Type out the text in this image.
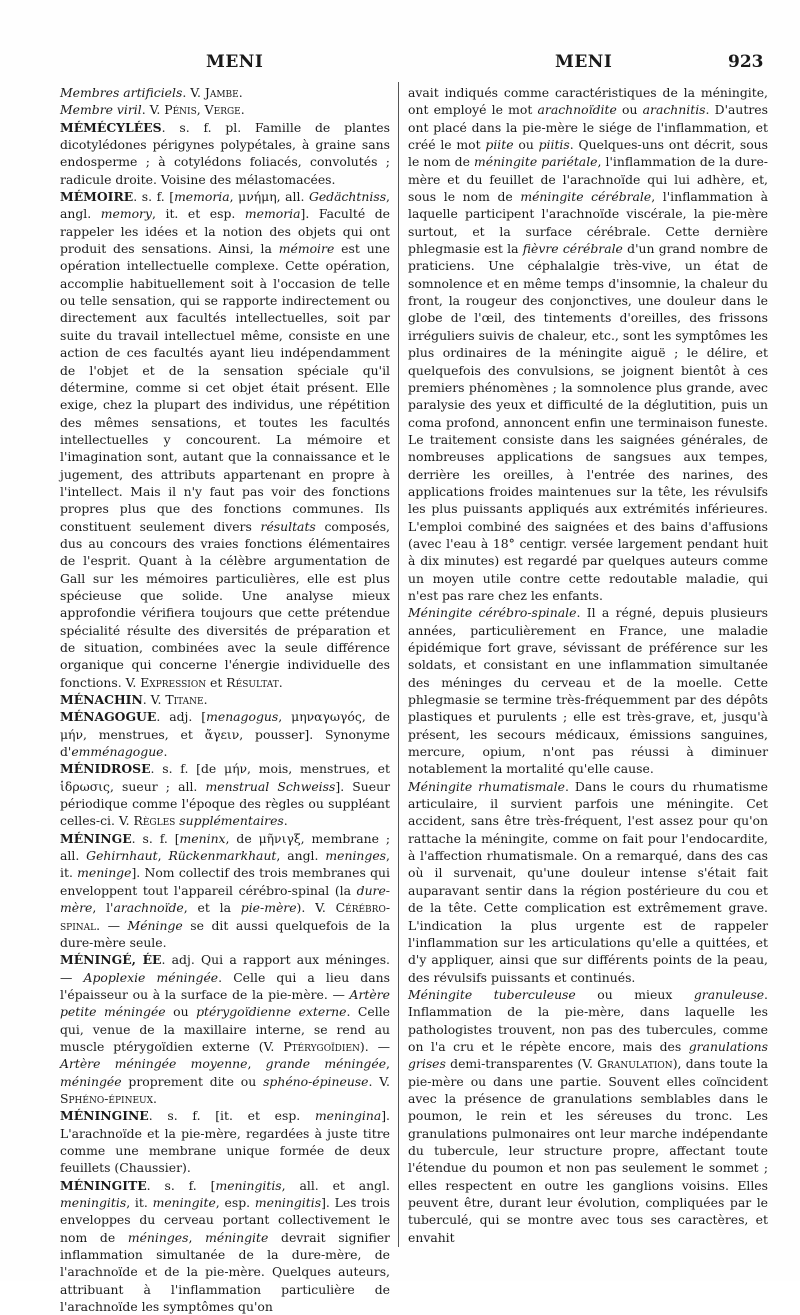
MENI	MENI	923

Membres artificiels. V. Jambe.

Membre viril. V. Pénis, Verge.

MÉMÉCYLÉES. s. f. pl. Famille de plantes dicotylédones périgynes polypétales, à graine sans endosperme ; à cotylédons foliacés, convolutés ; radicule droite. Voisine des mélastomacées.

MÉMOIRE. s. f. [memoria, μνήμη, all. Gedächtniss, angl. memory, it. et esp. memoria]. Faculté de rappeler les idées et la notion des objets qui ont produit des sensations. Ainsi, la mémoire est une opération intellectuelle complexe. Cette opération, accomplie habituellement soit à l'occasion de telle ou telle sensation, qui se rapporte indirectement ou directement aux facultés intellectuelles, soit par suite du travail intellectuel même, consiste en une action de ces facultés ayant lieu indépendamment de l'objet et de la sensation spéciale qu'il détermine, comme si cet objet était présent. Elle exige, chez la plupart des individus, une répétition des mêmes sensations, et toutes les facultés intellectuelles y concourent. La mémoire et l'imagination sont, autant que la connaissance et le jugement, des attributs appartenant en propre à l'intellect. Mais il n'y faut pas voir des fonctions propres plus que des fonctions communes. Ils constituent seulement divers résultats composés, dus au concours des vraies fonctions élémentaires de l'esprit. Quant à la célèbre argumentation de Gall sur les mémoires particulières, elle est plus spécieuse que solide. Une analyse mieux approfondie vérifiera toujours que cette prétendue spécialité résulte des diversités de préparation et de situation, combinées avec la seule différence organique qui concerne l'énergie individuelle des fonctions. V. Expression et Résultat.

MÉNACHIN. V. Titane.

MÉNAGOGUE. adj. [menagogus, μηναγωγός, de μήν, menstrues, et ἄγειν, pousser]. Synonyme d'emménagogue.

MÉNIDROSE. s. f. [de μήν, mois, menstrues, et ἱδρωσις, sueur ; all. menstrual Schweiss]. Sueur périodique comme l'époque des règles ou suppléant celles-ci. V. Règles supplémentaires.

MÉNINGE. s. f. [meninx, de μῆνιγξ, membrane ; all. Gehirnhaut, Rückenmarkhaut, angl. meninges, it. meninge]. Nom collectif des trois membranes qui enveloppent tout l'appareil cérébro-spinal (la dure-mère, l'arachnoïde, et la pie-mère). V. Cérébro-spinal. — Méninge se dit aussi quelquefois de la dure-mère seule.

MÉNINGÉ, ÉE. adj. Qui a rapport aux méninges. — Apoplexie méningée. Celle qui a lieu dans l'épaisseur ou à la surface de la pie-mère. — Artère petite méningée ou ptérygoïdienne externe. Celle qui, venue de la maxillaire interne, se rend au muscle ptérygoïdien externe (V. Ptérygoïdien). — Artère méningée moyenne, grande méningée, méningée proprement dite ou sphéno-épineuse. V. Sphéno-épineux.

MÉNINGINE. s. f. [it. et esp. meningina]. L'arachnoïde et la pie-mère, regardées à juste titre comme une membrane unique formée de deux feuillets (Chaussier).

MÉNINGITE. s. f. [meningitis, all. et angl. meningitis, it. meningite, esp. meningitis]. Les trois enveloppes du cerveau portant collectivement le nom de méninges, méningite devrait signifier inflammation simultanée de la dure-mère, de l'arachnoïde et de la pie-mère. Quelques auteurs, attribuant à l'inflammation particulière de l'arachnoïde les symptômes qu'on

avait indiqués comme caractéristiques de la méningite, ont employé le mot arachnoïdite ou arachnitis. D'autres ont placé dans la pie-mère le siége de l'inflammation, et créé le mot piite ou piitis. Quelques-uns ont décrit, sous le nom de méningite pariétale, l'inflammation de la dure-mère et du feuillet de l'arachnoïde qui lui adhère, et, sous le nom de méningite cérébrale, l'inflammation à laquelle participent l'arachnoïde viscérale, la pie-mère surtout, et la surface cérébrale. Cette dernière phlegmasie est la fièvre cérébrale d'un grand nombre de praticiens. Une céphalalgie très-vive, un état de somnolence et en même temps d'insomnie, la chaleur du front, la rougeur des conjonctives, une douleur dans le globe de l'œil, des tintements d'oreilles, des frissons irréguliers suivis de chaleur, etc., sont les symptômes les plus ordinaires de la méningite aiguë ; le délire, et quelquefois des convulsions, se joignent bientôt à ces premiers phénomènes ; la somnolence plus grande, avec paralysie des yeux et difficulté de la déglutition, puis un coma profond, annoncent enfin une terminaison funeste. Le traitement consiste dans les saignées générales, de nombreuses applications de sangsues aux tempes, derrière les oreilles, à l'entrée des narines, des applications froides maintenues sur la tête, les révulsifs les plus puissants appliqués aux extrémités inférieures. L'emploi combiné des saignées et des bains d'affusions (avec l'eau à 18° centigr. versée largement pendant huit à dix minutes) est regardé par quelques auteurs comme un moyen utile contre cette redoutable maladie, qui n'est pas rare chez les enfants.

Méningite cérébro-spinale. Il a régné, depuis plusieurs années, particulièrement en France, une maladie épidémique fort grave, sévissant de préférence sur les soldats, et consistant en une inflammation simultanée des méninges du cerveau et de la moelle. Cette phlegmasie se termine très-fréquemment par des dépôts plastiques et purulents ; elle est très-grave, et, jusqu'à présent, les secours médicaux, émissions sanguines, mercure, opium, n'ont pas réussi à diminuer notablement la mortalité qu'elle cause.

Méningite rhumatismale. Dans le cours du rhumatisme articulaire, il survient parfois une méningite. Cet accident, sans être très-fréquent, l'est assez pour qu'on rattache la méningite, comme on fait pour l'endocardite, à l'affection rhumatismale. On a remarqué, dans des cas où il survenait, qu'une douleur intense s'était fait auparavant sentir dans la région postérieure du cou et de la tête. Cette complication est extrêmement grave. L'indication la plus urgente est de rappeler l'inflammation sur les articulations qu'elle a quittées, et d'y appliquer, ainsi que sur différents points de la peau, des révulsifs puissants et continués.

Méningite tuberculeuse ou mieux granuleuse. Inflammation de la pie-mère, dans laquelle les pathologistes trouvent, non pas des tubercules, comme on l'a cru et le répète encore, mais des granulations grises demi-transparentes (V. Granulation), dans toute la pie-mère ou dans une partie. Souvent elles coïncident avec la présence de granulations semblables dans le poumon, le rein et les séreuses du tronc. Les granulations pulmonaires ont leur marche indépendante du tubercule, leur structure propre, affectant toute l'étendue du poumon et non pas seulement le sommet ; elles respectent en outre les ganglions voisins. Elles peuvent être, durant leur évolution, compliquées par le tuberculé, qui se montre avec tous ses caractères, et envahit
